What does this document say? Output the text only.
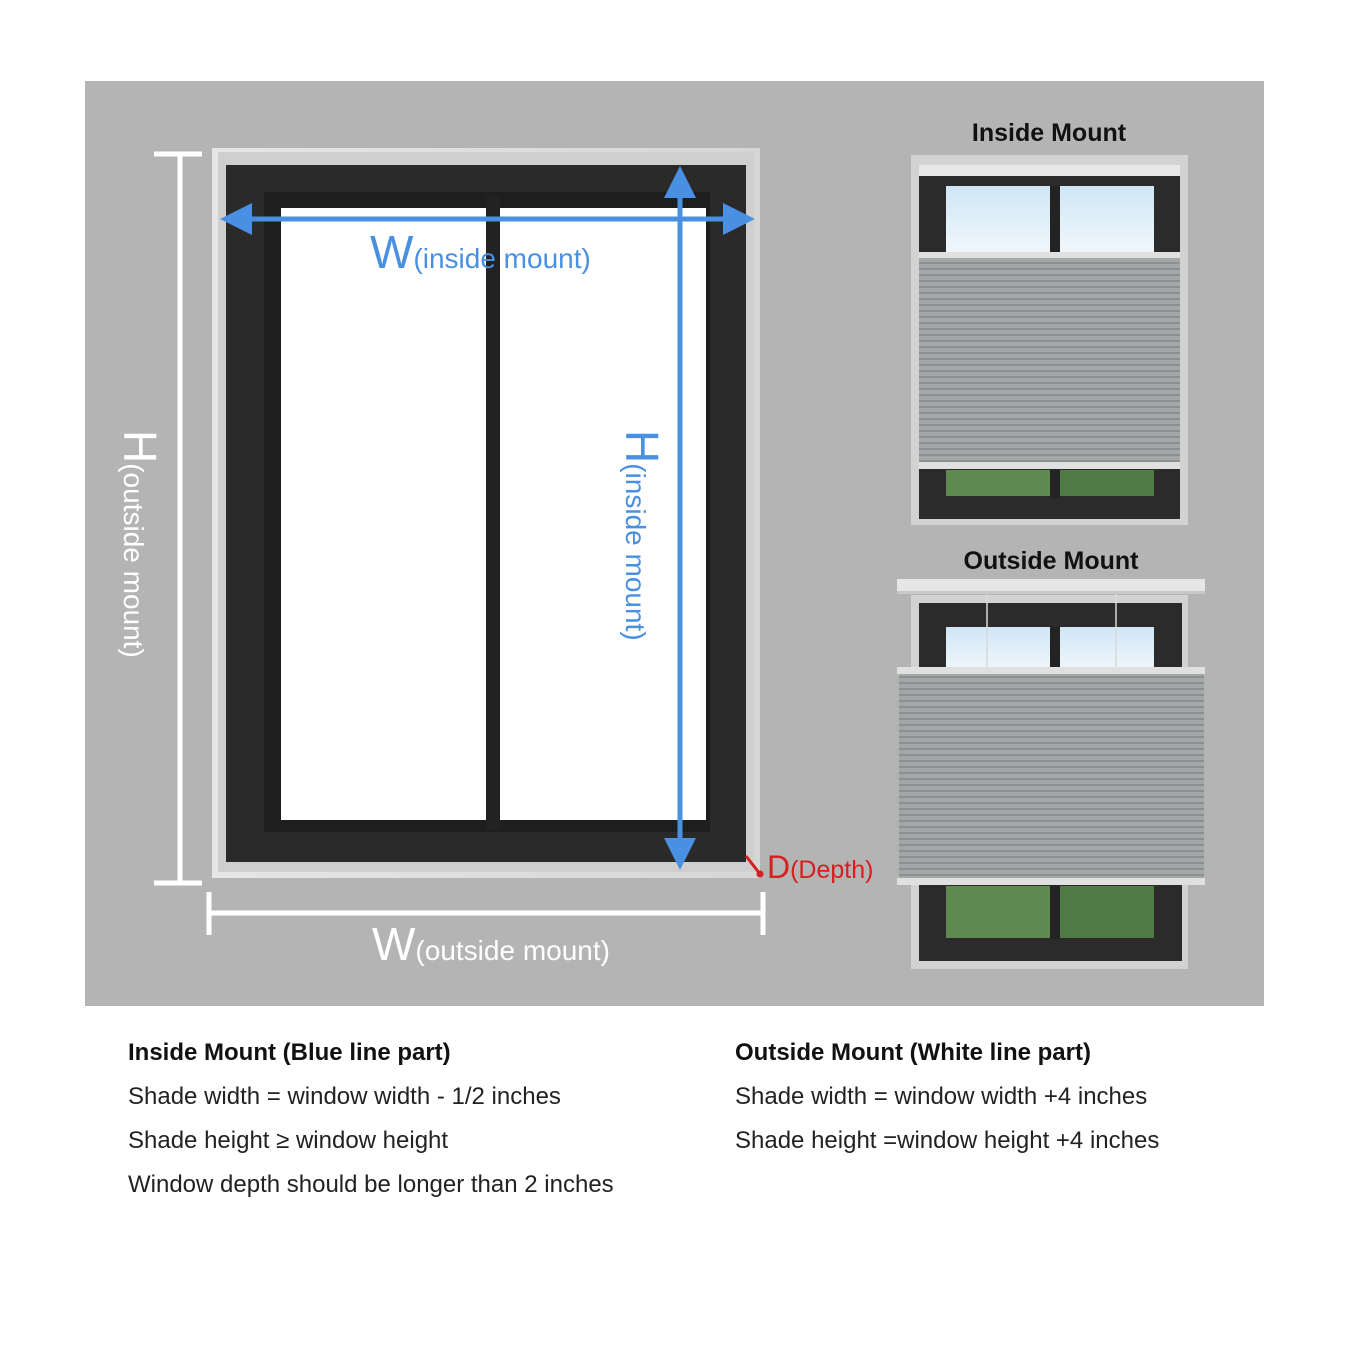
W(inside mount)
H(inside mount)
H(outside mount)
W(outside mount)
D(Depth)
Inside Mount
Outside Mount

Inside Mount (Blue line part)

Shade width = window width - 1/2 inches

Shade height ≥ window height

Window depth should be longer than 2 inches

Outside Mount (White line part)

Shade width = window width +4 inches

Shade height =window height +4 inches
